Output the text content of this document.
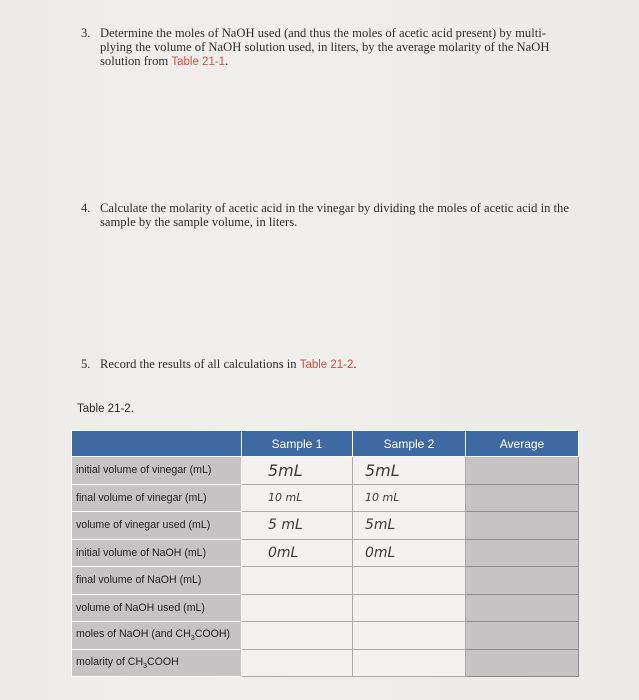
3. Determine the moles of NaOH used (and thus the moles of acetic acid present) by multi-
plying the volume of NaOH solution used, in liters, by the average molarity of the NaOH
solution from Table 21-1.
4. Calculate the molarity of acetic acid in the vinegar by dividing the moles of acetic acid in the
sample by the sample volume, in liters.
5. Record the results of all calculations in Table 21-2.
Table 21-2.
	Sample 1	Sample 2	Average
initial volume of vinegar (mL)	5mL	5mL	

final volume of vinegar (mL)	10 mL	10 mL	

volume of vinegar used (mL)	5 mL	5mL	

initial volume of NaOH (mL)	0mL	0mL	

final volume of NaOH (mL)			
volume of NaOH used (mL)			
moles of NaOH (and $CH_3COOH$)			
molarity of $CH_3COOH$			
